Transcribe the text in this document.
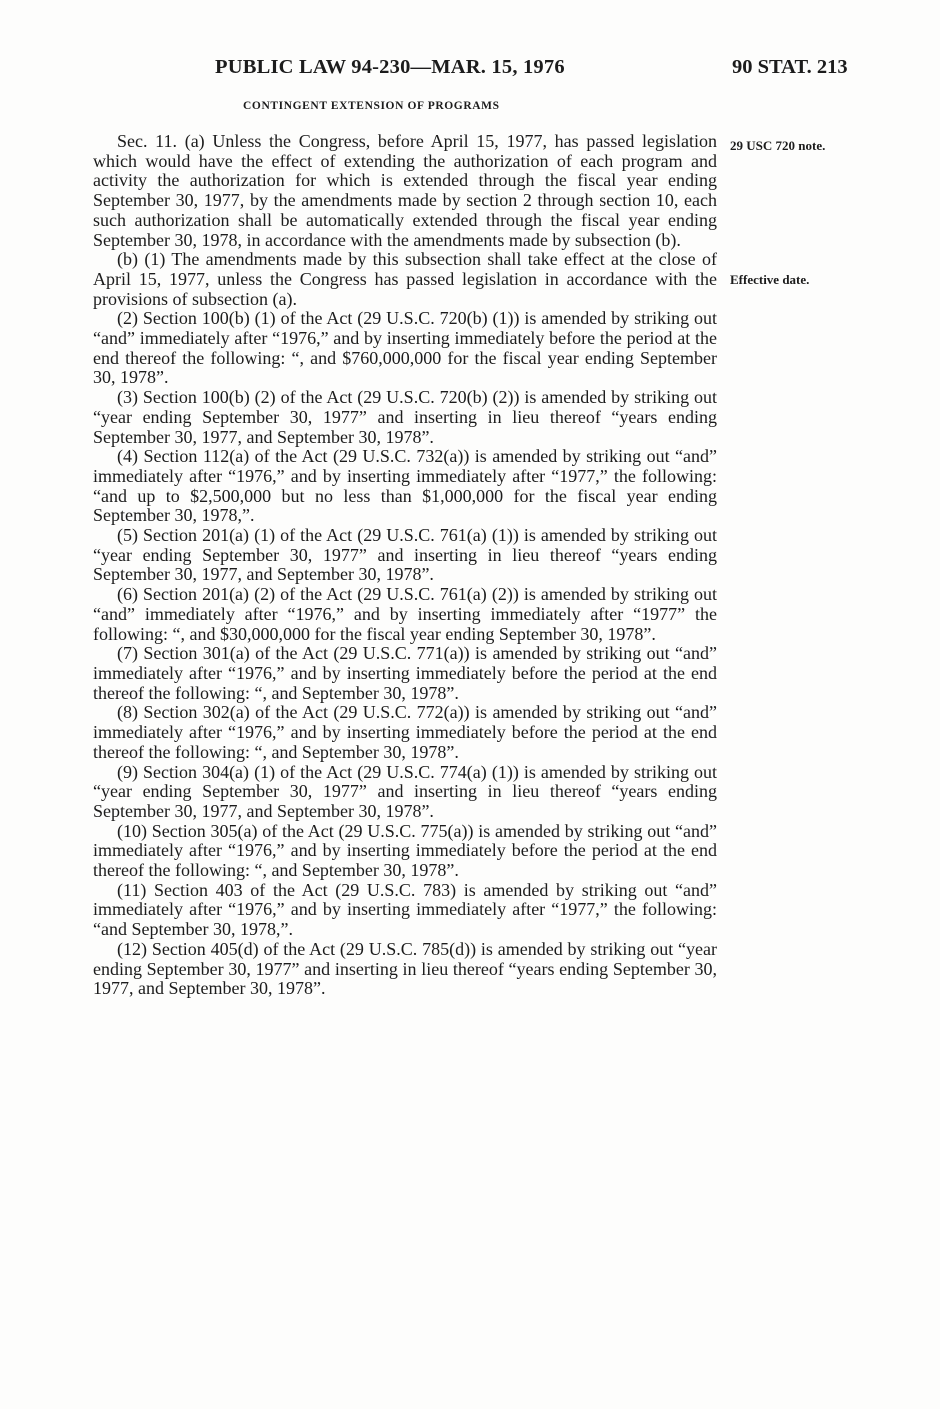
PUBLIC LAW 94-230—MAR. 15, 1976	90 STAT. 213
CONTINGENT EXTENSION OF PROGRAMS
29 USC 720 note.
Effective date.

Sec. 11. (a) Unless the Congress, before April 15, 1977, has passed legislation which would have the effect of extending the authorization of each program and activity the authorization for which is extended through the fiscal year ending September 30, 1977, by the amendments made by section 2 through section 10, each such authorization shall be automatically extended through the fiscal year ending September 30, 1978, in accordance with the amendments made by subsection (b).

(b) (1) The amendments made by this subsection shall take effect at the close of April 15, 1977, unless the Congress has passed legislation in accordance with the provisions of subsection (a).

(2) Section 100(b) (1) of the Act (29 U.S.C. 720(b) (1)) is amended by striking out “and” immediately after “1976,” and by inserting immediately before the period at the end thereof the following: “, and $760,000,000 for the fiscal year ending September 30, 1978”.

(3) Section 100(b) (2) of the Act (29 U.S.C. 720(b) (2)) is amended by striking out “year ending September 30, 1977” and inserting in lieu thereof “years ending September 30, 1977, and September 30, 1978”.

(4) Section 112(a) of the Act (29 U.S.C. 732(a)) is amended by striking out “and” immediately after “1976,” and by inserting immediately after “1977,” the following: “and up to $2,500,000 but no less than $1,000,000 for the fiscal year ending September 30, 1978,”.

(5) Section 201(a) (1) of the Act (29 U.S.C. 761(a) (1)) is amended by striking out “year ending September 30, 1977” and inserting in lieu thereof “years ending September 30, 1977, and September 30, 1978”.

(6) Section 201(a) (2) of the Act (29 U.S.C. 761(a) (2)) is amended by striking out “and” immediately after “1976,” and by inserting immediately after “1977” the following: “, and $30,000,000 for the fiscal year ending September 30, 1978”.

(7) Section 301(a) of the Act (29 U.S.C. 771(a)) is amended by striking out “and” immediately after “1976,” and by inserting immediately before the period at the end thereof the following: “, and September 30, 1978”.

(8) Section 302(a) of the Act (29 U.S.C. 772(a)) is amended by striking out “and” immediately after “1976,” and by inserting immediately before the period at the end thereof the following: “, and September 30, 1978”.

(9) Section 304(a) (1) of the Act (29 U.S.C. 774(a) (1)) is amended by striking out “year ending September 30, 1977” and inserting in lieu thereof “years ending September 30, 1977, and September 30, 1978”.

(10) Section 305(a) of the Act (29 U.S.C. 775(a)) is amended by striking out “and” immediately after “1976,” and by inserting immediately before the period at the end thereof the following: “, and September 30, 1978”.

(11) Section 403 of the Act (29 U.S.C. 783) is amended by striking out “and” immediately after “1976,” and by inserting immediately after “1977,” the following: “and September 30, 1978,”.

(12) Section 405(d) of the Act (29 U.S.C. 785(d)) is amended by striking out “year ending September 30, 1977” and inserting in lieu thereof “years ending September 30, 1977, and September 30, 1978”.
